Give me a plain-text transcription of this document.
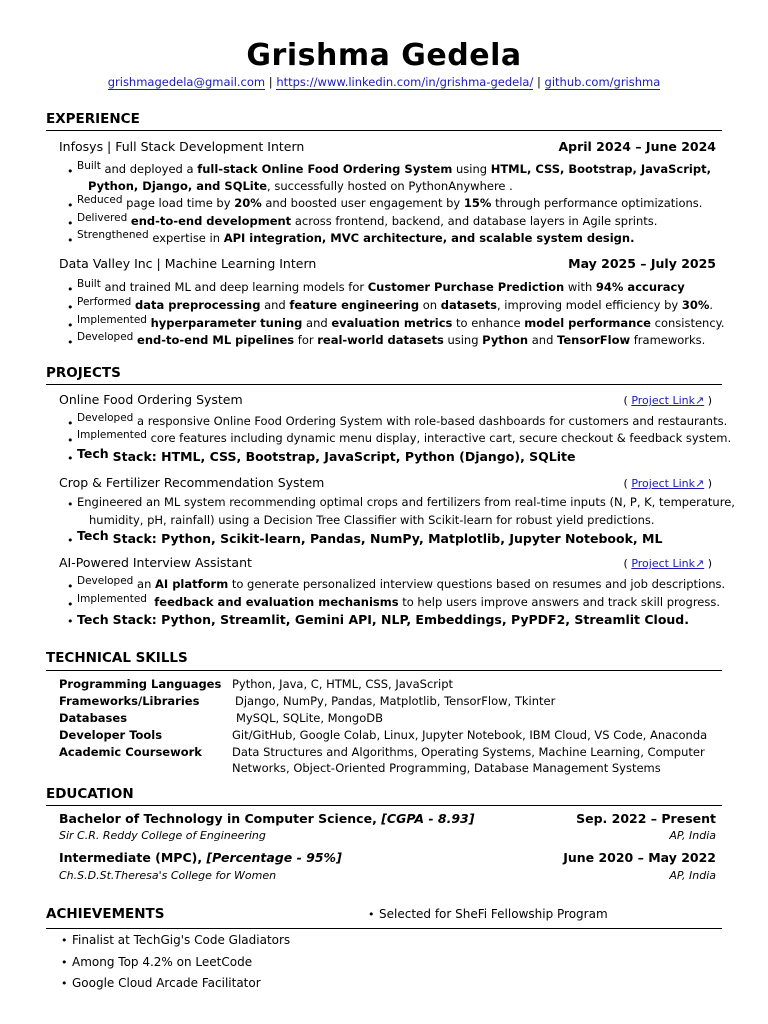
Grishma Gedela
grishmagedela@gmail.com | https://www.linkedin.com/in/grishma-gedela/ | github.com/grishma
EXPERIENCE
Infosys | Full Stack Development Intern	April 2024 – June 2024
• Built and deployed a full-stack Online Food Ordering System using HTML, CSS, Bootstrap, JavaScript,
Python, Django, and SQLite, successfully hosted on PythonAnywhere .
• Reduced page load time by 20% and boosted user engagement by 15% through performance optimizations.
• Delivered end-to-end development across frontend, backend, and database layers in Agile sprints.
• Strengthened expertise in API integration, MVC architecture, and scalable system design.
Data Valley Inc | Machine Learning Intern	May 2025 – July 2025
• Built and trained ML and deep learning models for Customer Purchase Prediction with 94% accuracy
• Performed data preprocessing and feature engineering on datasets, improving model efficiency by 30%.
• Implemented hyperparameter tuning and evaluation metrics to enhance model performance consistency.
• Developed end-to-end ML pipelines for real-world datasets using Python and TensorFlow frameworks.
PROJECTS
Online Food Ordering System	( Project Link↗ )
• Developed a responsive Online Food Ordering System with role-based dashboards for customers and restaurants.
• Implemented core features including dynamic menu display, interactive cart, secure checkout & feedback system.
• Tech Stack: HTML, CSS, Bootstrap, JavaScript, Python (Django), SQLite
Crop & Fertilizer Recommendation System	( Project Link↗ )
• Engineered an ML system recommending optimal crops and fertilizers from real-time inputs (N, P, K, temperature,
humidity, pH, rainfall) using a Decision Tree Classifier with Scikit-learn for robust yield predictions.
• Tech Stack: Python, Scikit-learn, Pandas, NumPy, Matplotlib, Jupyter Notebook, ML
AI-Powered Interview Assistant	( Project Link↗ )
• Developed an AI platform to generate personalized interview questions based on resumes and job descriptions.
• Implemented feedback and evaluation mechanisms to help users improve answers and track skill progress.
• Tech Stack: Python, Streamlit, Gemini API, NLP, Embeddings, PyPDF2, Streamlit Cloud.
TECHNICAL SKILLS
Programming Languages Python, Java, C, HTML, CSS, JavaScript
Frameworks/Libraries	Django, NumPy, Pandas, Matplotlib, TensorFlow, Tkinter
Databases	MySQL, SQLite, MongoDB
Developer Tools	Git/GitHub, Google Colab, Linux, Jupyter Notebook, IBM Cloud, VS Code, Anaconda
Academic Coursework	Data Structures and Algorithms, Operating Systems, Machine Learning, Computer
Networks, Object-Oriented Programming, Database Management Systems
EDUCATION
Bachelor of Technology in Computer Science, [CGPA - 8.93]	Sep. 2022 – Present
Sir C.R. Reddy College of Engineering	AP, India
Intermediate (MPC), [Percentage - 95%]	June 2020 – May 2022
Ch.S.D.St.Theresa's College for Women	AP, India
ACHIEVEMENTS
•	Selected for SheFi Fellowship Program
• Finalist at TechGig's Code Gladiators
• Among Top 4.2% on LeetCode
• Google Cloud Arcade Facilitator
